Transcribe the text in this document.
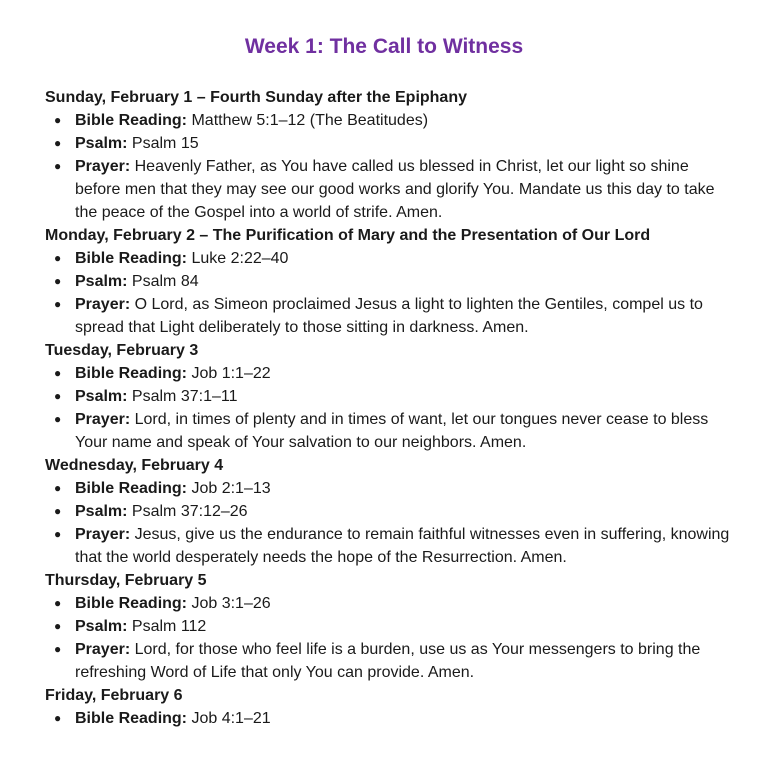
Week 1: The Call to Witness
Sunday, February 1 – Fourth Sunday after the Epiphany
● Bible Reading: Matthew 5:1–12 (The Beatitudes)
● Psalm: Psalm 15
● Prayer: Heavenly Father, as You have called us blessed in Christ, let our light so shine before men that they may see our good works and glorify You. Mandate us this day to take the peace of the Gospel into a world of strife. Amen.
Monday, February 2 – The Purification of Mary and the Presentation of Our Lord
● Bible Reading: Luke 2:22–40
● Psalm: Psalm 84
● Prayer: O Lord, as Simeon proclaimed Jesus a light to lighten the Gentiles, compel us to spread that Light deliberately to those sitting in darkness. Amen.
Tuesday, February 3
● Bible Reading: Job 1:1–22
● Psalm: Psalm 37:1–11
● Prayer: Lord, in times of plenty and in times of want, let our tongues never cease to bless Your name and speak of Your salvation to our neighbors. Amen.
Wednesday, February 4
● Bible Reading: Job 2:1–13
● Psalm: Psalm 37:12–26
● Prayer: Jesus, give us the endurance to remain faithful witnesses even in suffering, knowing that the world desperately needs the hope of the Resurrection. Amen.
Thursday, February 5
● Bible Reading: Job 3:1–26
● Psalm: Psalm 112
● Prayer: Lord, for those who feel life is a burden, use us as Your messengers to bring the refreshing Word of Life that only You can provide. Amen.
Friday, February 6
● Bible Reading: Job 4:1–21
